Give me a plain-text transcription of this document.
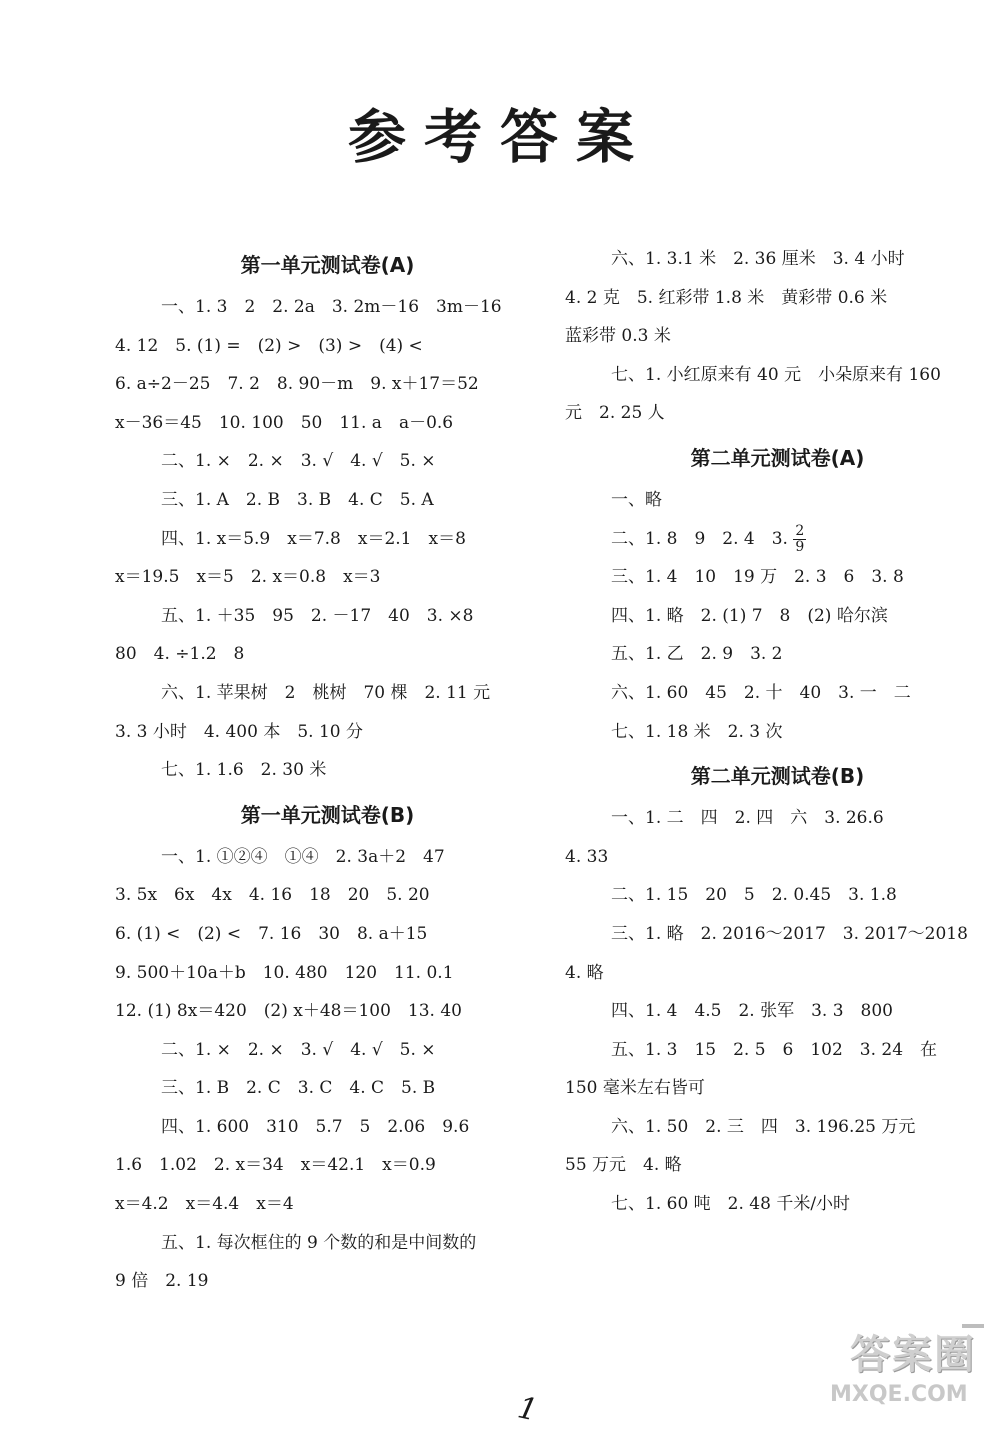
参考答案
第一单元测试卷(A)
一、1. 3　2　2. 2a　3. 2m－16　3m－16
4. 12　5. (1) =　(2) >　(3) >　(4) <
6. a÷2－25　7. 2　8. 90－m　9. x＋17＝52
x－36＝45　10. 100　50　11. a　a－0.6
二、1. ×　2. ×　3. √　4. √　5. ×
三、1. A　2. B　3. B　4. C　5. A
四、1. x＝5.9　x＝7.8　x＝2.1　x＝8
x＝19.5　x＝5　2. x＝0.8　x＝3
五、1. ＋35　95　2. －17　40　3. ×8
80　4. ÷1.2　8
六、1. 苹果树　2　桃树　70 棵　2. 11 元
3. 3 小时　4. 400 本　5. 10 分
七、1. 1.6　2. 30 米
第一单元测试卷(B)
一、1. ①②④　①④　2. 3a＋2　47
3. 5x　6x　4x　4. 16　18　20　5. 20
6. (1) <　(2) <　7. 16　30　8. a＋15
9. 500＋10a＋b　10. 480　120　11. 0.1
12. (1) 8x＝420　(2) x＋48＝100　13. 40
二、1. ×　2. ×　3. √　4. √　5. ×
三、1. B　2. C　3. C　4. C　5. B
四、1. 600　310　5.7　5　2.06　9.6
1.6　1.02　2. x＝34　x＝42.1　x＝0.9
x＝4.2　x＝4.4　x＝4
五、1. 每次框住的 9 个数的和是中间数的
9 倍　2. 19
六、1. 3.1 米　2. 36 厘米　3. 4 小时
4. 2 克　5. 红彩带 1.8 米　黄彩带 0.6 米
蓝彩带 0.3 米
七、1. 小红原来有 40 元　小朵原来有 160
元　2. 25 人
第二单元测试卷(A)
一、略
二、1. 8　9　2. 4　3. $\frac{2}{9}$
三、1. 4　10　19 万　2. 3　6　3. 8
四、1. 略　2. (1) 7　8　(2) 哈尔滨
五、1. 乙　2. 9　3. 2
六、1. 60　45　2. 十　40　3. 一　二
七、1. 18 米　2. 3 次
第二单元测试卷(B)
一、1. 二　四　2. 四　六　3. 26.6
4. 33
二、1. 15　20　5　2. 0.45　3. 1.8
三、1. 略　2. 2016～2017　3. 2017～2018
4. 略
四、1. 4　4.5　2. 张军　3. 3　800
五、1. 3　15　2. 5　6　102　3. 24　在
150 毫米左右皆可
六、1. 50　2. 三　四　3. 196.25 万元
55 万元　4. 略
七、1. 60 吨　2. 48 千米/小时
1
答案圈
MXQE.COM
